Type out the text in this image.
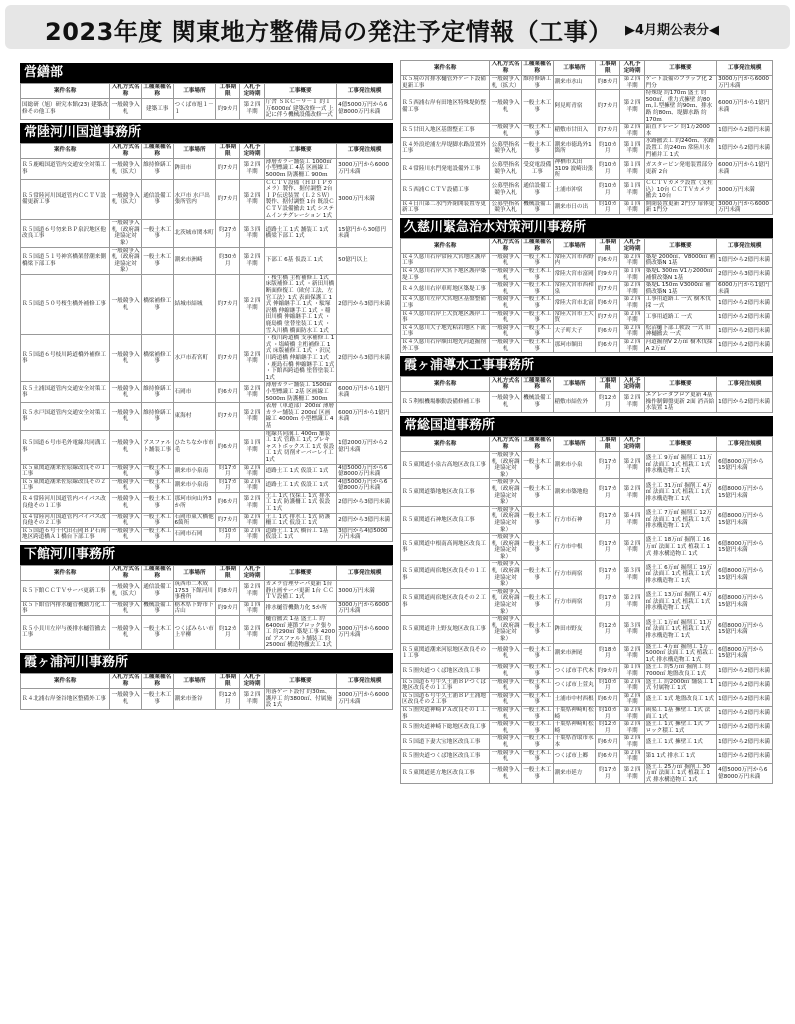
2023年度 関東地方整備局の発注予定情報（工事） ▶4月期公表分◀
営繕部
案件名称	入札方式名称	工種業種名称	工事場所	工事期限	入札予定時期	工事概要	工事発注規模
国総研（旭）研究本館(23) 建築改修その他工事	一般競争入札	建築工事	つくば市旭１－１	約9カ月	第２四半期	庁舎 ＳＲＣ－９－１ 約１万6000㎡ 建築改修一式 上記に伴う機械設備改修一式	4億5000万円から6億8000万円未満
常陸河川国道事務所
案件名称	入札方式名称	工種業種名称	工事場所	工事期限	入札予定時期	工事概要	工事発注規模
Ｒ５鹿嶋国道管内交通安全対策工事	一般競争入札（拡大）	維持修繕工事	鉾田市	約7カ月	第２四半期	薄層カラー舗装工 1000㎡ 小型標識工 4基 区画線工 5000ｍ 防護柵工 900ｍ	3000万円から6000万円未満
Ｒ５常陸河川国道管内ＣＣＴＶ設備更新工事	一般競争入札（拡大）	通信設備工事	水戸市 水戸出張所管内	約7カ月	第２四半期	ＣＣＴＶ設備（ＨＤＩＰカメラ）製作、据付調整 2台 ＩＰ伝送装置（Ｌ２ＳＷ）製作、据付調整 1台 既設ＣＣＴＶ設備撤去 1式 システムインテグレーション 1式	3000万円未満
Ｒ５国道６号勿来ＢＰ泉沢地区他改良工事	一般競争入札（政府調達協定対象）	一般土木工事	北茨城市関本町	約27カ月	第３四半期	道路土工 1式 舗装工 1式 橋梁下部工 1式	15億円から30億円未満
Ｒ５国道５１号神宮橋架替潮来側橋梁下部工事	一般競争入札（政府調達協定対象）	一般土木工事	潮来市洲崎	約30カ月	第２四半期	下部工 6基 仮設工 1式	50億円以上
Ｒ５国道５０号桜生橋外補修工事	一般競争入札	橋梁補修工事	結城市結城	約7カ月	第２四半期	・桜生橋 主桁補修工 1式 床版補修工 1式 ・新田川橋 断面修復工（欧付工法、左官工法）1式 表面保護工 1式 伸縮継手工 1式 ・駄塚沢橋 伸縮継手工 1式 ・稲田川橋 伸縮継手工 1式 ・鹿島橋 塗替塗装工 1式 ・雪入川橋 橋面防水工 1式	2億円から3億円未満
Ｒ５国道６号枝川跨道橋外補修工事	一般競争入札	橋梁補修工事	水戸市若宮町	約7カ月	第２四半期	・枝川跨道橋 支承補修工 1式 ・塩崎橋 主桁補修工 1式 床版補修工 1式 ・沢尻川跨道橋 伸縮継手工 1式 ・鹿島石橋 伸縮継手工 1式 ・下館西跨道橋 塗替塗装工 1式	2億円から3億円未満
Ｒ５土浦国道管内交通安全対策工事	一般競争入札	維持修繕工事	石岡市	約6カ月	第２四半期	薄層カラー舗装工 1500㎡ 小型標識工 2基 区画線工 5000ｍ 防護柵工 300ｍ	6000万円から1億円未満
Ｒ５水戸国道管内交通安全対策工事	一般競争入札	維持修繕工事	東海村	約7カ月	第２四半期	表層（車道部）200㎡ 薄層カラー舗装工 200㎡ 区画線工 4000ｍ 小型標識工 4基	6000万円から1億円未満
Ｒ５国道６号市毛外電線共同溝工事	一般競争入札	アスファルト舗装工事	ひたちなか市市毛	約6カ月	第１四半期	電線共同溝工 400ｍ 舗装工 1式 管路工 1式 プレキャストボックス工 1式 仮設工 1式 切削オーバーレイ工 1式	1億2000万円から2億円未満
Ｒ５東関道潮来佐原線改良その１工事	一般競争入札	一般土木工事	潮来市小泉南	約17カ月	第２四半期	道路土工 1式 仮設工 1式	4億5000万円から6億8000万円未満
Ｒ５東関道潮来佐原線改良その２工事	一般競争入札	一般土木工事	潮来市小泉南	約17カ月	第２四半期	道路土工 1式 仮設工 1式	4億5000万円から6億8000万円未満
Ｒ４常陸河川国道管内バイパス改良他その１工事	一般競争入札	一般土木工事	那珂市向山外3か所	約6カ月	第２四半期	土工 1式 伐採工 1式 排水工 1式 防護柵工 1式 仮設工 1式	2億円から3億円未満
Ｒ４常陸河川国道管内バイパス改良他その２工事	一般競争入札	一般土木工事	石岡市東大橋他6箇所	約7カ月	第２四半期	土工 1式 排水工 1式 防護柵工 1式 仮設工 1式	2億円から3億円未満
Ｒ５国道６号千代田石岡ＢＰ石岡地区跨道橋Ａ１橋台下部工事	一般競争入札	一般土木工事	石岡市石岡	約10カ月	第２四半期	道路土工 1式 橋台工 1基 仮設工 1式	3億円から4億5000万円未満
下館河川事務所
案件名称	入札方式名称	工種業種名称	工事場所	工事期限	入札予定時期	工事概要	工事発注規模
Ｒ５下館ＣＣＴＶサーバ更新工事	一般競争入札（拡大）	通信設備工事	筑西市二木成1753 下館河川事務所	約8カ月	第２四半期	カメラ管理サーバ更新 1台 静止画サーバ更新 1台 ＣＣＴＶ設備工 1式	3000万円未満
Ｒ５下館管内排水樋管機動力化工事	一般競争入札	機械設備工事	栃木県下野市下古山	約9カ月	第１四半期	排水樋管機動力化 5か所	3000万円から6000万円未満
Ｒ５小貝川左岸与後排水樋管撤去工事	一般競争入札	一般土木工事	つくばみらい市上平柳	約12カ月	第２四半期	樋管撤去 1基 盛土工 約6400㎥ 連節ブロック張り工 約290㎥ 築堤工事 4200㎥ アスファルト舗装工 約2500㎡ 構造物撤去工 1式	3000万円から6000万円未満
霞ヶ浦河川事務所
案件名称	入札方式名称	工種業種名称	工事場所	工事期限	入札予定時期	工事概要	工事発注規模
Ｒ４北浦右岸釜谷地区整備外工事	一般競争入札	一般土木工事	潮来市釜谷	約12カ月	第２四半期	角落ゲート設付 約30ｍ、護岸工 約3800㎡、付属施設 1式	3000万円から6000万円未満
案件名称	入札方式名称	工種業種名称	工事場所	工事期限	入札予定時期	工事概要	工事発注規模
Ｒ５境の宮排水樋管外ゲート設備更新工事	一般競争入札（拡大）	維持修繕工事	潮来市水山	約8カ月	第２四半期	ゲート設備のフラップ化 2門分	3000万円から6000万円未満
Ｒ５西浦右岸有田地区特殊堤防整備工事	一般競争入札	一般土木工事	阿見町青宿	約7カ月	第２四半期	特殊堤 約170ｍ 盛土 約500㎥、重力式擁壁 約80ｍ,Ｌ型擁壁 約90ｍ、排水路 約80ｍ、堤脚水路 約170ｍ	6000万円から1億円未満
Ｒ５甘田入地区基盤整正工事	一般競争入札	一般土木工事	稲敷市甘田入	約7カ月	第２四半期	鉛直ドレーン 約1万2000本	1億円から2億円未満
Ｒ４外浪逆浦左岸堤脚水路設置外工事	公募型指名競争入札	一般土木工事	潮来市徳島外1箇所	約10カ月	第１四半期	水路撤去工 約240ｍ、水路設置工 約240ｍ 常陸川水門補并工 1式	1億円から2億円未満
Ｒ４常陸川水門発電設備外工事	公募型指名競争入札	受変電設備工事	神栖市太田3109 波崎出張所	約10カ月	第１四半期	ガスタービン発電装置部分更新 2台	6000万円から1億円未満
Ｒ５西浦ＣＣＴＶ設備工事	公募型指名競争入札	通信設備工事	土浦市沖宿	約10カ月	第１四半期	ＣＣＴＶカメラ設置（支柱込）10台 ＣＣＴＶカメラ撤去 10台	3000万円未満
Ｒ４日川第二水門外閉開装置等更新工事	公募型指名競争入札	機械設備工事	潮来市日の出	約10カ月	第１四半期	開閉装置更新 2門分 扉体更新 1門分	3000万円から6000万円未満
久慈川緊急治水対策河川事務所
案件名称	入札方式名称	工種業種名称	工事場所	工事期限	入札予定時期	工事概要	工事発注規模
Ｒ４久慈川右岸常陸大宮地区護岸工事	一般競争入札	一般土木工事	常陸大宮市西野内	約6カ月	第２四半期	築堤 2000㎥、V8000㎥ 補償改築N 1基	1億円から2億円未満
Ｒ４久慈川右岸大宮下地区護岸築堤工事	一般競争入札	一般土木工事	常陸大宮市富岡	約9カ月	第１四半期	築堤L 300ｍ V1万2000㎥ 補償改築N 1基	2億円から3億円未満
Ｒ４久慈川右岸車町地区築堤工事	一般競争入札	一般土木工事	常陸大宮市西和泉	約7カ月	第２四半期	築堤L 150ｍ V3000㎥ 補償改築N 1基	6000万円から1億円未満
Ｒ４久慈川左岸大宮地区基盤整備工事	一般競争入札	一般土木工事	常陸大宮市北富	約6カ月	第２四半期	工事用道路工 一式 樹木伐採 一式	1億円から2億円未満
Ｒ４久慈川右岸上大賀地区護岸工事	一般競争入札	一般土木工事	常陸大宮市上大賀	約7カ月	第２四半期	工事用道路工 一式	1億円から2億円未満
Ｒ４久慈川大子地先粘岩地区下流工事	一般競争入札	一般土木工事	大子町大子	約6カ月	第２四半期	松沼樋下部工軟設 一式 旧神樋撤去 一式	1億円から2億円未満
Ｒ４久慈川右岸額田地先河道掘削外工事	一般競争入札	一般土木工事	那珂市額田	約6カ月	第２四半期	河道掘削V 2万㎥ 樹木伐採A 2万㎡	1億円から2億円未満
霞ヶ浦導水工事事務所
案件名称	入札方式名称	工種業種名称	工事場所	工事期限	入札予定時期	工事概要	工事発注規模
Ｒ５利根機場駆動設備修補工事	一般競争入札	機械設備工事	稲敷市結佐外	約12カ月	第２四半期	エアレータプロア更新 4基 操作制御盤更新 2面 消音給水装置 1基	1億円から2億円未満
常総国道事務所
案件名称	入札方式名称	工種業種名称	工事場所	工事期限	入札予定時期	工事概要	工事発注規模
Ｒ５東関道小泉古高地区改良工事	一般競争入札（政府調達協定対象）	一般土木工事	潮来市小泉	約17カ月	第２四半期	盛土工 9万㎥ 掘削工 11万㎥ 法面工 1式 植栽工 1式 排水構造物工 1式	6億8000万円から15億円未満
Ｒ５東関道築地地区改良工事	一般競争入札（政府調達協定対象）	一般土木工事	潮来市築地他	約17カ月	第２四半期	盛土工 31万㎥ 掘削工 4万㎥ 法面工 1式 植栽工 1式 排水構造物工 1式	6億8000万円から15億円未満
Ｒ５東関道石神地区改良工事	一般競争入札（政府調達協定対象）	一般土木工事	行方市石神	約17カ月	第４四半期	盛土工 7万㎥ 掘削工 12万㎥ 法面工 1式 植栽工 1式 排水構造物工 1式	6億8000万円から15億円未満
Ｒ５東関道中根南高岡地区改良工事	一般競争入札（政府調達協定対象）	一般土木工事	行方市中根	約17カ月	第２四半期	盛土工 18万㎥ 掘削工 16万㎥ 法面工 1式 植栽工 1式 排水構造物工 1式	6億8000万円から15億円未満
Ｒ５東関道両宿地区改良その１工事	一般競争入札（政府調達協定対象）	一般土木工事	行方市両宿	約17カ月	第３四半期	盛土工 6万㎥ 掘削工 19万㎥ 法面工 1式 植栽工 1式 排水構造物工 1式	6億8000万円から15億円未満
Ｒ５東関道両宿地区改良その２工事	一般競争入札（政府調達協定対象）	一般土木工事	行方市両宿	約17カ月	第２四半期	盛土工 13万㎥ 掘削工 4万㎥ 法面工 1式 植栽工 1式 排水構造物工 1式	6億8000万円から15億円未満
Ｒ５東関道井上野友地区改良工事	一般競争入札（政府調達協定対象）	一般土木工事	鉾田市野友	約12カ月	第３四半期	盛土工 1万㎥ 掘削工 11万㎥ 法面工 1式 植栽工 1式 排水構造物工 1式	6億8000万円から15億円未満
Ｒ５東関道潮来河原地区改良その１工事	一般競争入札	一般土木工事	潮来市洲尾	約18カ月	第２四半期	盛土工 4万㎥ 掘削工 1万5000㎥ 法面工 1式 植栽工 1式 排水構造物工 1式	6億8000万円から15億円未満
Ｒ５圏央道つくば地区改良工事	一般競争入札	一般土木工事	つくば市手代木	約9カ月	第１四半期	盛土工 約5万㎥ 掘削工 約7000㎥ 地盤改良工 1式	1億円から2億円未満
Ｒ５国道６号牛久土浦ＢＰつくば地区改良その１工事	一般競争入札	一般土木工事	つくば市上萱丸	約10カ月	第２四半期	盛土工 約2000㎥ 舗装工 1式 付属物工 1式	1億円から2億円未満
Ｒ５国道６号牛久土浦ＢＰ土浦地区改良その２工事	一般競争入札	一般土木工事	土浦市中村西根	約6カ月	第２四半期	盛土工 1式 地盤改良工 1式	1億円から2億円未満
Ｒ５圏央道神崎ＰＡ改良その１工事	一般競争入札	一般土木工事	千葉県神崎町松崎	約10カ月	第２四半期	函渠工 1基 擁壁工 1式 法面工 1式	1億円から2億円未満
Ｒ５圏央道神崎下総地区改良工事	一般競争入札	一般土木工事	千葉県神崎町松崎	約12カ月	第２四半期	盛土工 1式 擁壁工 1式 ブロック積工 1式	1億円から2億円未満
Ｒ５国道下妻大宝地区改良工事	一般競争入札	一般土木工事	千葉県香取市永本	約6カ月	第２四半期	盛土工 1式 擁壁工 1式	1億円から2億円未満
Ｒ５圏央道つくば地区改良工事	一般競争入札	一般土木工事	つくば市上郷	約6カ月	第２四半期	第1 1式 排水工 1式	1億円から2億円未満
Ｒ５東関道延方地区改良工事	一般競争入札	一般土木工事	潮来市延方	約17カ月	第２四半期	盛土工 25万㎥ 掘削工 30万㎥ 法面工 1式 植栽工 1式 排水構造物工 1式	4億5000万円から6億8000万円未満
